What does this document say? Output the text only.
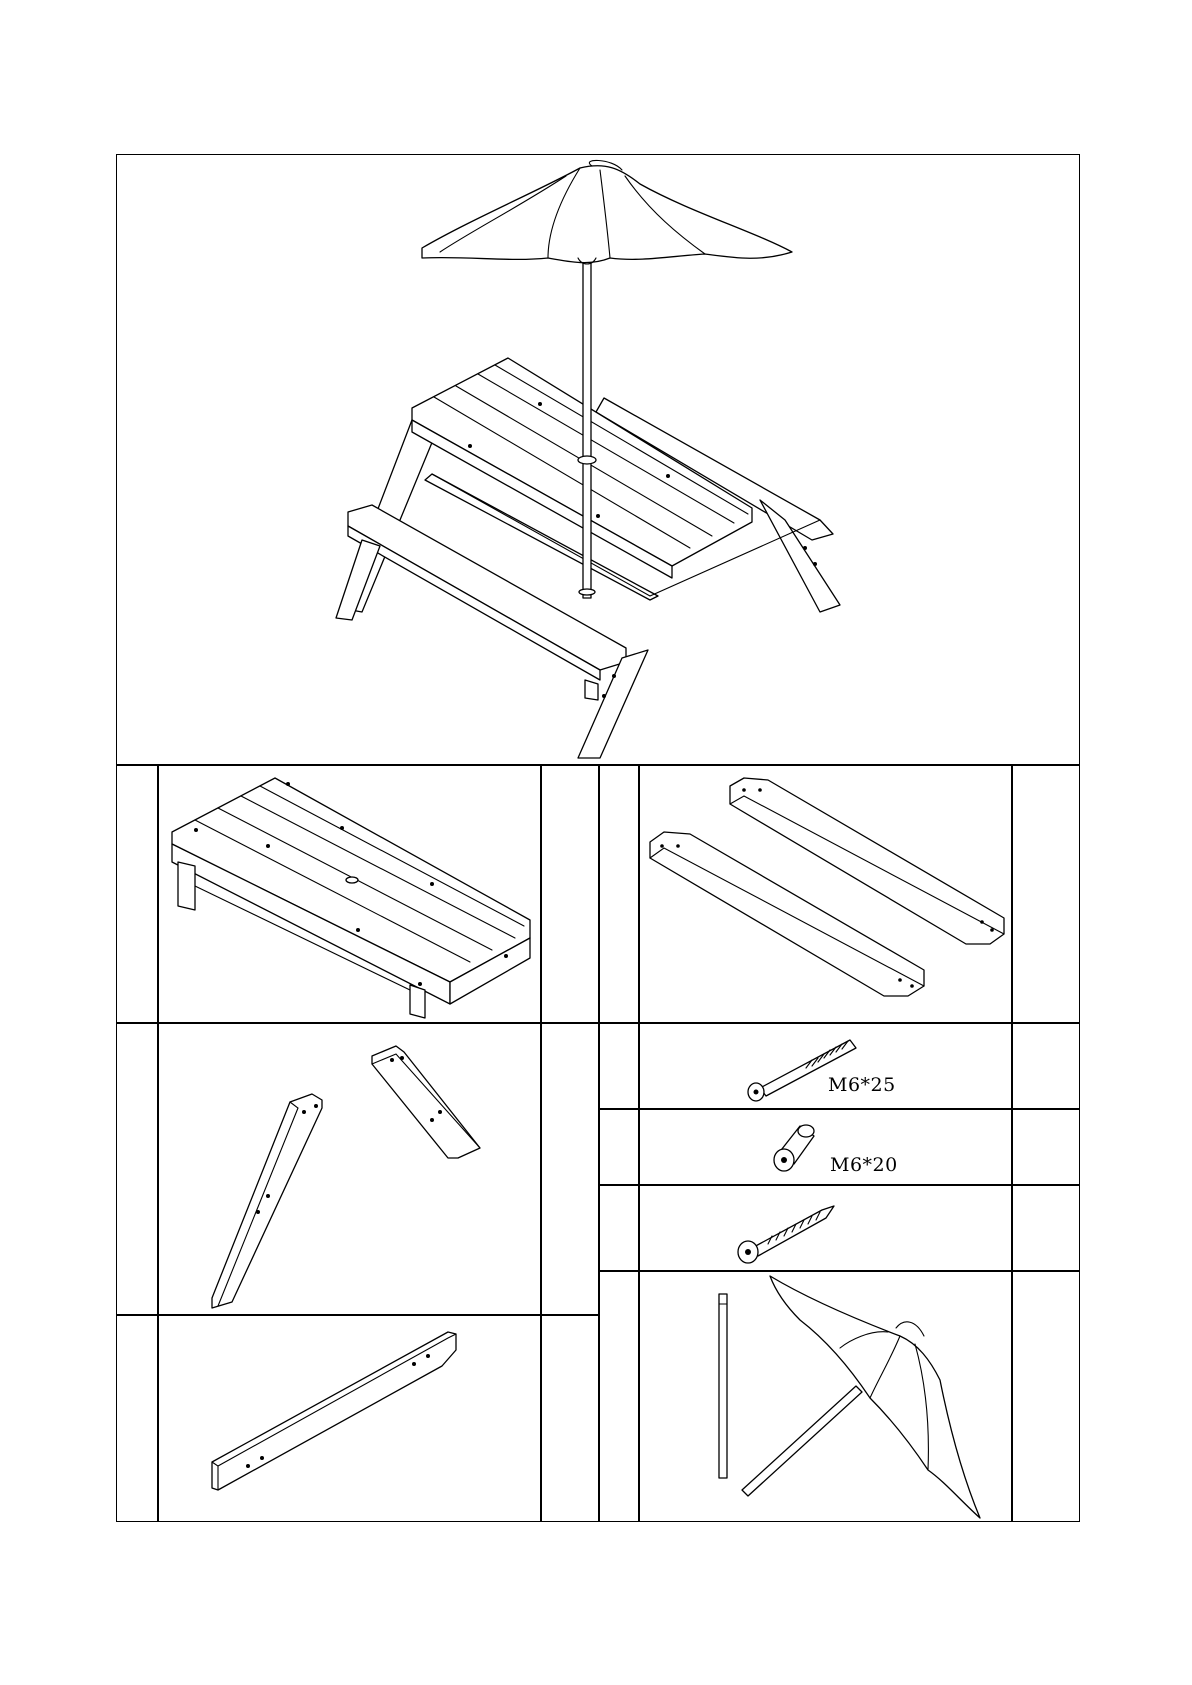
M6*25
M6*20
